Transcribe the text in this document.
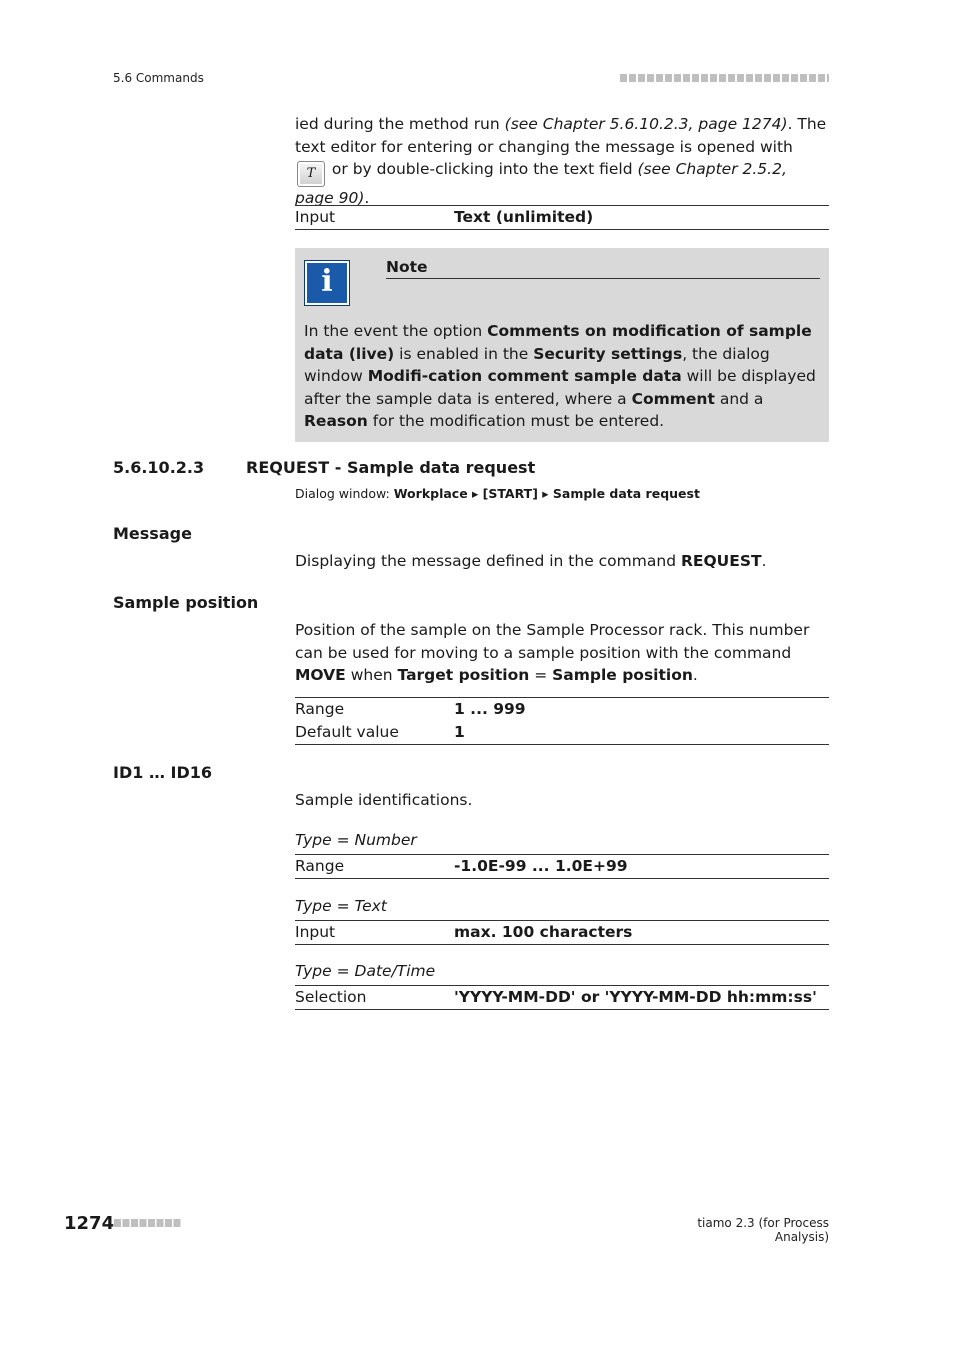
5.6 Commands
ied during the method run (see Chapter 5.6.10.2.3, page 1274). The text editor for entering or changing the message is opened with T or by double-clicking into the text field (see Chapter 2.5.2, page 90).
Input	Text (unlimited)
i	Note
In the event the option Comments on modification of sample data (live) is enabled in the Security settings, the dialog window Modifi-cation comment sample data will be displayed after the sample data is entered, where a Comment and a Reason for the modification must be entered.
5.6.10.2.3	REQUEST - Sample data request
Dialog window: Workplace ▸ [START] ▸ Sample data request
Message
Displaying the message defined in the command REQUEST.
Sample position
Position of the sample on the Sample Processor rack. This number can be used for moving to a sample position with the command MOVE when Target position = Sample position.
Range	1 ... 999
Default value	1
ID1 … ID16
Sample identifications.
Type = Number
Range	-1.0E-99 ... 1.0E+99
Type = Text
Input	max. 100 characters
Type = Date/Time
Selection	'YYYY-MM-DD' or 'YYYY-MM-DD hh:mm:ss'
1274	tiamo 2.3 (for Process Analysis)
